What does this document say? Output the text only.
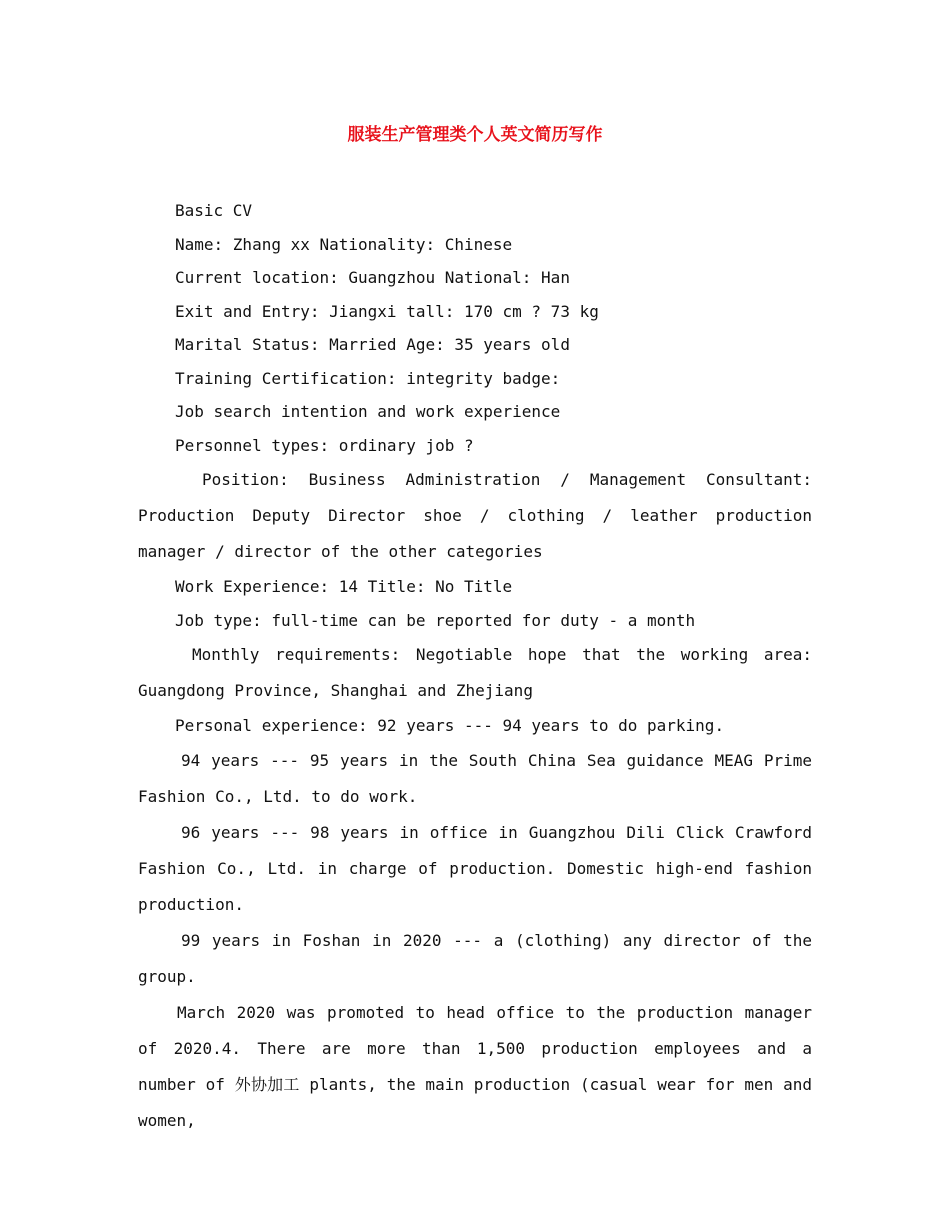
服装生产管理类个人英文简历写作

Basic CV

Name: Zhang xx Nationality: Chinese

Current location: Guangzhou National: Han

Exit and Entry: Jiangxi tall: 170 cm ? 73 kg

Marital Status: Married Age: 35 years old

Training Certification: integrity badge:

Job search intention and work experience

Personnel types: ordinary job ?

Position: Business Administration / Management Consultant: Production Deputy Director shoe / clothing / leather production manager / director of the other categories

Work Experience: 14 Title: No Title

Job type: full-time can be reported for duty - a month

Monthly requirements: Negotiable hope that the working area: Guangdong Province, Shanghai and Zhejiang

Personal experience: 92 years --- 94 years to do parking.

94 years --- 95 years in the South China Sea guidance MEAG Prime Fashion Co., Ltd. to do work.

96 years --- 98 years in office in Guangzhou Dili Click Crawford Fashion Co., Ltd. in charge of production. Domestic high-end fashion production.

99 years in Foshan in 2020 --- a (clothing) any director of the group.

March 2020 was promoted to head office to the production manager of 2020.4. There are more than 1,500 production employees and a number of 外协加工 plants, the main production (casual wear for men and women,
